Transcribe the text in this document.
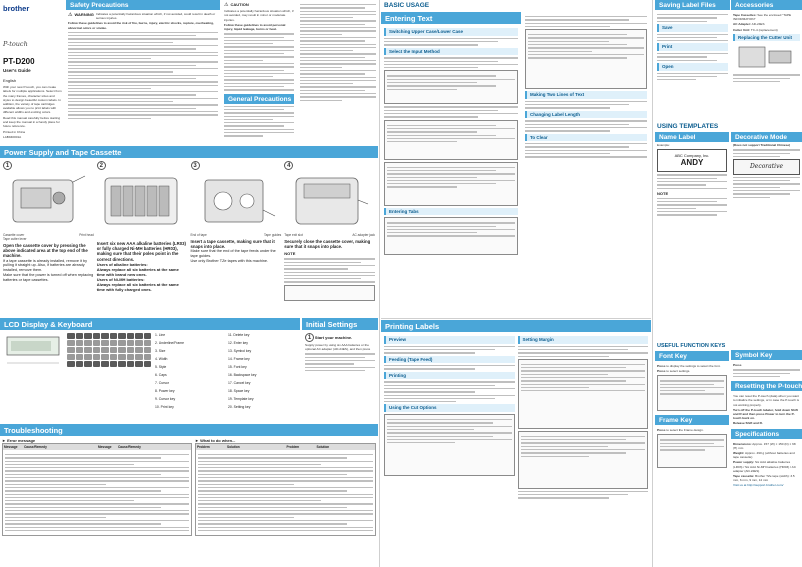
brother
P-touch
PT-D200
User's Guide
English
With your new P-touch, you can create labels for multiple applications. Select from the many frames, character sizes and styles to design beautiful custom labels. In addition, the variety of tape cartridges available allows you to print labels with different widths and exciting colors.
Read this manual carefully before starting and keep the manual in a handy place for future reference.
Printed in China
LAB940001A
Safety Precautions
⚠ WARNING Indicates a potentially hazardous situation which, if not avoided, could result in death or serious injuries.
Follow these guidelines to avoid the risk of fire, burns, injury, electric shocks, rupture, overheating, abnormal odors or smoke.
⚠ CAUTION
Indicates a potentially hazardous situation which, if not avoided, may result in minor or moderate injuries.
Follow these guidelines to avoid personal injury, liquid leakage, burns or heat.
General Precautions
Power Supply and Tape Cassette
1
Cassette cover	Print head
Tape cutter lever
Open the cassette cover by pressing the above indicated area at the top end of the machine.
If a tape cassette is already installed, remove it by pulling it straight up. Also, if batteries are already installed, remove them.
Make sure that the power is turned off when replacing batteries or tape cassettes.
2
Insert six new AAA alkaline batteries (LR03) or fully charged Ni-MH batteries (HR03), making sure that their poles point in the correct directions.
Users of alkaline batteries:
Always replace all six batteries at the same time with brand new ones.
Users of Ni-MH batteries:
Always replace all six batteries at the same time with fully charged ones.
3
End of tape	Tape guides
Insert a tape cassette, making sure that it snaps into place.
Make sure that the end of the tape feeds under the tape guides.
Use only Brother TZe tapes with this machine.
4
Tape exit slot	AC adapter jack
Securely close the cassette cover, making sure that it snaps into place.
NOTE
LCD Display & Keyboard
1. Line	11. Delete key
2. Underline/Frame	12. Enter key
3. Size	13. Symbol key
4. Width	14. Frame key
5. Style	15. Font key
6. Caps	16. Backspace key
7. Cursor	17. Cancel key
8. Power key	18. Space key
9. Cursor key	19. Template key
10. Print key	20. Setting key
Initial Settings
1 Start your machine.
Supply power by using six AAA batteries or the optional AC adapter (AD-24ES), and then press
Troubleshooting
► Error message
Message	Cause/Remedy	Message	Cause/Remedy
► What to do when...
Problem	Solution	Problem	Solution
BASIC USAGE
Entering Text
Switching Upper Case/Lower Case
Select the Input Method
Entering Tabs
Making Two Lines of Text
Changing Label Length
To Clear
Printing Labels
Preview
Feeding (Tape Feed)
Printing
Using the Cut Options
Setting Margin
Saving Label Files
Save
Print
Open
Accessories
Tape Cassettes: See the enclosed "TAPE INFORMATION"
AC Adapter: AD-24ES
Cutter Unit: TC-4 (replacement)
Replacing the Cutter Unit
USING TEMPLATES
Name Label
Example:
ABC Company, Inc.
ANDY
NOTE
Decorative Mode
(Does not support Traditional Chinese)
Decorative
USEFUL FUNCTION KEYS
Font Key
Press to display the settings to select the font.
Press to select settings.
Frame Key
Press to select the Frame design.
Symbol Key
Press
Resetting the P-touch
You can reset the P-touch (data) when you want to initialize the settings, or in case the P-touch is not working properly.
Turn off the P-touch labeler, hold down Shift and R and then press Power to turn the P-touch back on.
Release Shift and R.
Specifications
Dimensions: Approx. 157 (W) × 150 (D) × 68 (H) mm
Weight: Approx. 490 g (without batteries and tape cassette)
Power supply: Six AAA alkaline batteries (LR03) / Six AAA Ni-MH batteries (HR03) / AC adapter (AD-24ES)
Tape cassette: Brother TZe tape (width): 3.5 mm, 6 mm, 9 mm, 12 mm
Visit us at http://support.brother.com/
